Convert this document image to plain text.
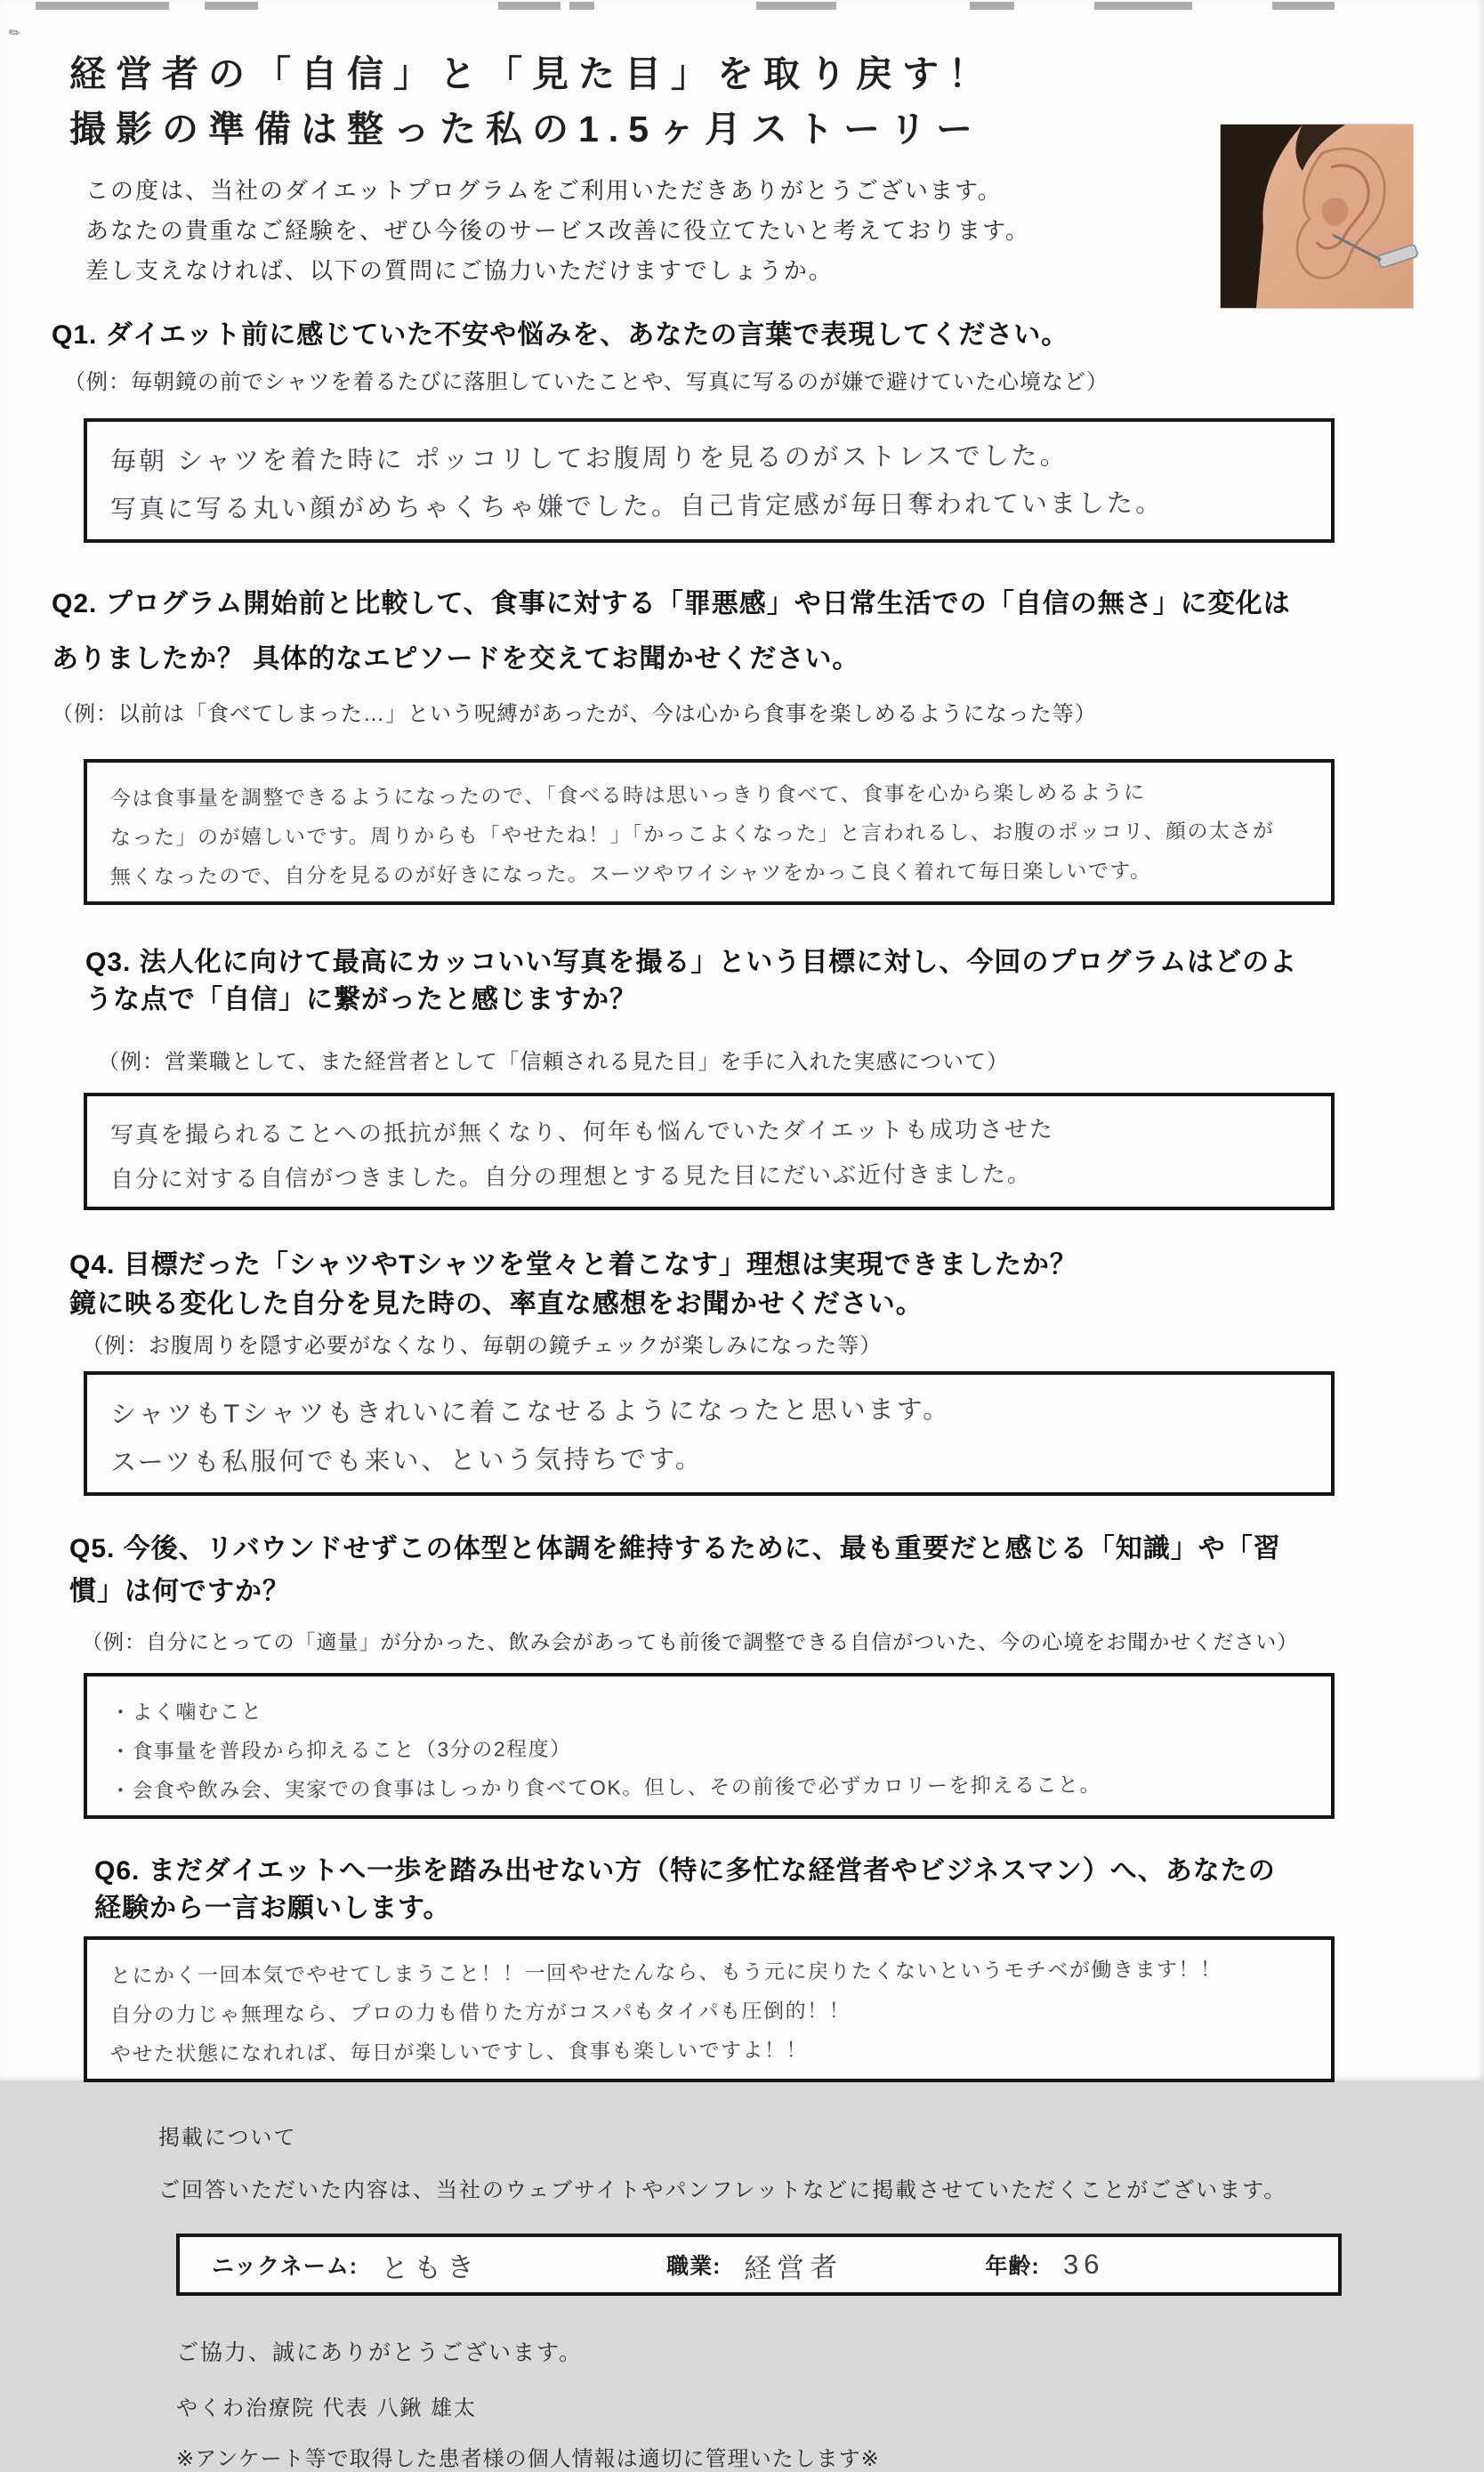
✎
経営者の「自信」と「見た目」を取り戻す！
撮影の準備は整った私の1.5ヶ月ストーリー
この度は、当社のダイエットプログラムをご利用いただきありがとうございます。
あなたの貴重なご経験を、ぜひ今後のサービス改善に役立てたいと考えております。
差し支えなければ、以下の質問にご協力いただけますでしょうか。
Q1. ダイエット前に感じていた不安や悩みを、あなたの言葉で表現してください。
（例：毎朝鏡の前でシャツを着るたびに落胆していたことや、写真に写るのが嫌で避けていた心境など）
毎朝 シャツを着た時に ポッコリしてお腹周りを見るのがストレスでした。
写真に写る丸い顔がめちゃくちゃ嫌でした。自己肯定感が毎日奪われていました。
Q2. プログラム開始前と比較して、食事に対する「罪悪感」や日常生活での「自信の無さ」に変化は
ありましたか？ 具体的なエピソードを交えてお聞かせください。
（例：以前は「食べてしまった…」という呪縛があったが、今は心から食事を楽しめるようになった等）
今は食事量を調整できるようになったので、「食べる時は思いっきり食べて、食事を心から楽しめるように
なった」のが嬉しいです。周りからも「やせたね！」「かっこよくなった」と言われるし、お腹のポッコリ、顔の太さが
無くなったので、自分を見るのが好きになった。スーツやワイシャツをかっこ良く着れて毎日楽しいです。
Q3. 法人化に向けて最高にカッコいい写真を撮る」という目標に対し、今回のプログラムはどのよ
うな点で「自信」に繋がったと感じますか？
（例：営業職として、また経営者として「信頼される見た目」を手に入れた実感について）
写真を撮られることへの抵抗が無くなり、何年も悩んでいたダイエットも成功させた
自分に対する自信がつきました。自分の理想とする見た目にだいぶ近付きました。
Q4. 目標だった「シャツやTシャツを堂々と着こなす」理想は実現できましたか？
鏡に映る変化した自分を見た時の、率直な感想をお聞かせください。
（例：お腹周りを隠す必要がなくなり、毎朝の鏡チェックが楽しみになった等）
シャツもTシャツもきれいに着こなせるようになったと思います。
スーツも私服何でも来い、という気持ちです。
Q5. 今後、リバウンドせずこの体型と体調を維持するために、最も重要だと感じる「知識」や「習
慣」は何ですか？
（例：自分にとっての「適量」が分かった、飲み会があっても前後で調整できる自信がついた、今の心境をお聞かせください）
・よく噛むこと
・食事量を普段から抑えること（3分の2程度）
・会食や飲み会、実家での食事はしっかり食べてOK。但し、その前後で必ずカロリーを抑えること。
Q6. まだダイエットへ一歩を踏み出せない方（特に多忙な経営者やビジネスマン）へ、あなたの
経験から一言お願いします。
とにかく一回本気でやせてしまうこと！！一回やせたんなら、もう元に戻りたくないというモチベが働きます！！
自分の力じゃ無理なら、プロの力も借りた方がコスパもタイパも圧倒的！！
やせた状態になれれば、毎日が楽しいですし、食事も楽しいですよ！！
掲載について
ご回答いただいた内容は、当社のウェブサイトやパンフレットなどに掲載させていただくことがございます。
ニックネーム: ともき	職業: 経営者	年齢: 36
ご協力、誠にありがとうございます。
やくわ治療院 代表 八鍬 雄太
※アンケート等で取得した患者様の個人情報は適切に管理いたします※
